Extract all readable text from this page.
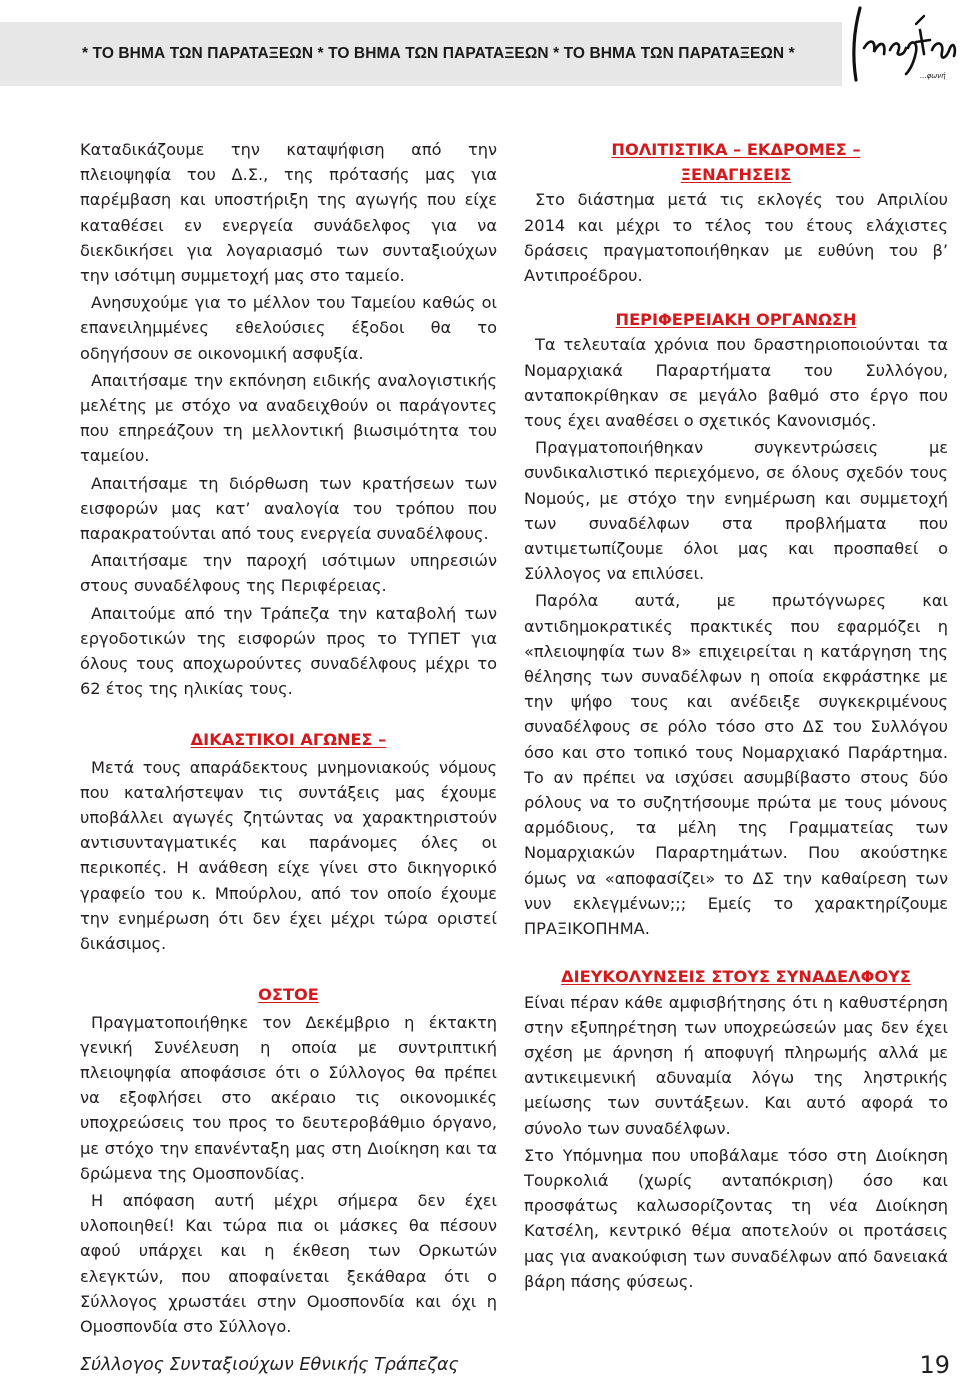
* ΤΟ ΒΗΜΑ ΤΩΝ ΠΑΡΑΤΑΞΕΩΝ * ΤΟ ΒΗΜΑ ΤΩΝ ΠΑΡΑΤΑΞΕΩΝ * ΤΟ ΒΗΜΑ ΤΩΝ ΠΑΡΑΤΑΞΕΩΝ *
...φωνή

Καταδικάζουμε την καταψήφιση από την πλειοψηφία του Δ.Σ., της πρότασής μας για παρέμβαση και υποστήριξη της αγωγής που είχε καταθέσει εν ενεργεία συνάδελφος για να διεκδικήσει για λογαριασμό των συνταξιούχων την ισότιμη συμμετοχή μας στο ταμείο.

Ανησυχούμε για το μέλλον του Ταμείου καθώς οι επανειλημμένες εθελούσιες έξοδοι θα το οδηγήσουν σε οικονομική ασφυξία.

Απαιτήσαμε την εκπόνηση ειδικής αναλογιστικής μελέτης με στόχο να αναδειχθούν οι παράγοντες που επηρεάζουν τη μελλοντική βιωσιμότητα του ταμείου.

Απαιτήσαμε τη διόρθωση των κρατήσεων των εισφορών μας κατ’ αναλογία του τρόπου που παρακρατούνται από τους ενεργεία συναδέλφους.

Απαιτήσαμε την παροχή ισότιμων υπηρεσιών στους συναδέλφους της Περιφέρειας.

Απαιτούμε από την Τράπεζα την καταβολή των εργοδοτικών της εισφορών προς το ΤΥΠΕΤ για όλους τους αποχωρούντες συναδέλφους μέχρι το 62 έτος της ηλικίας τους.

ΔΙΚΑΣΤΙΚΟΙ ΑΓΩΝΕΣ –

Μετά τους απαράδεκτους μνημονιακούς νόμους που καταλήστεψαν τις συντάξεις μας έχουμε υποβάλλει αγωγές ζητώντας να χαρακτηριστούν αντισυνταγματικές και παράνομες όλες οι περικοπές. Η ανάθεση είχε γίνει στο δικηγορικό γραφείο του κ. Μπούρλου, από τον οποίο έχουμε την ενημέρωση ότι δεν έχει μέχρι τώρα οριστεί δικάσιμος.

ΟΣΤΟΕ

Πραγματοποιήθηκε τον Δεκέμβριο η έκτακτη γενική Συνέλευση η οποία με συντριπτική πλειοψηφία αποφάσισε ότι ο Σύλλογος θα πρέπει να εξοφλήσει στο ακέραιο τις οικονομικές υποχρεώσεις του προς το δευτεροβάθμιο όργανο, με στόχο την επανένταξη μας στη Διοίκηση και τα δρώμενα της Ομοσπονδίας.

Η απόφαση αυτή μέχρι σήμερα δεν έχει υλοποιηθεί! Και τώρα πια οι μάσκες θα πέσουν αφού υπάρχει και η έκθεση των Ορκωτών ελεγκτών, που αποφαίνεται ξεκάθαρα ότι ο Σύλλογος χρωστάει στην Ομοσπονδία και όχι η Ομοσπονδία στο Σύλλογο.

ΠΟΛΙΤΙΣΤΙΚΑ – ΕΚΔΡΟΜΕΣ –
ΞΕΝΑΓΗΣΕΙΣ

Στο διάστημα μετά τις εκλογές του Απριλίου 2014 και μέχρι το τέλος του έτους ελάχιστες δράσεις πραγματοποιήθηκαν με ευθύνη του β’ Αντιπροέδρου.

ΠΕΡΙΦΕΡΕΙΑΚΗ ΟΡΓΑΝΩΣΗ

Τα τελευταία χρόνια που δραστηριοποιούνται τα Νομαρχιακά Παραρτήματα του Συλλόγου, ανταποκρίθηκαν σε μεγάλο βαθμό στο έργο που τους έχει αναθέσει ο σχετικός Κανονισμός.

Πραγματοποιήθηκαν συγκεντρώσεις με συνδικαλιστικό περιεχόμενο, σε όλους σχεδόν τους Νομούς, με στόχο την ενημέρωση και συμμετοχή των συναδέλφων στα προβλήματα που αντιμετωπίζουμε όλοι μας και προσπαθεί ο Σύλλογος να επιλύσει.

Παρόλα αυτά, με πρωτόγνωρες και αντιδημοκρατικές πρακτικές που εφαρμόζει η «πλειοψηφία των 8» επιχειρείται η κατάργηση της θέλησης των συναδέλφων η οποία εκφράστηκε με την ψήφο τους και ανέδειξε συγκεκριμένους συναδέλφους σε ρόλο τόσο στο ΔΣ του Συλλόγου όσο και στο τοπικό τους Νομαρχιακό Παράρτημα. Το αν πρέπει να ισχύσει ασυμβίβαστο στους δύο ρόλους να το συζητήσουμε πρώτα με τους μόνους αρμόδιους, τα μέλη της Γραμματείας των Νομαρχιακών Παραρτημάτων. Που ακούστηκε όμως να «αποφασίζει» το ΔΣ την καθαίρεση των νυν εκλεγμένων;;; Εμείς το χαρακτηρίζουμε ΠΡΑΞΙΚΟΠΗΜΑ.

ΔΙΕΥΚΟΛΥΝΣΕΙΣ ΣΤΟΥΣ ΣΥΝΑΔΕΛΦΟΥΣ

Είναι πέραν κάθε αμφισβήτησης ότι η καθυστέρηση στην εξυπηρέτηση των υποχρεώσεών μας δεν έχει σχέση με άρνηση ή αποφυγή πληρωμής αλλά με αντικειμενική αδυναμία λόγω της ληστρικής μείωσης των συντάξεων. Και αυτό αφορά το σύνολο των συναδέλφων.

Στο Υπόμνημα που υποβάλαμε τόσο στη Διοίκηση Τουρκολιά (χωρίς ανταπόκριση) όσο και προσφάτως καλωσορίζοντας τη νέα Διοίκηση Κατσέλη, κεντρικό θέμα αποτελούν οι προτάσεις μας για ανακούφιση των συναδέλφων από δανειακά βάρη πάσης φύσεως.

Σύλλογος Συνταξιούχων Εθνικής Τράπεζας	19
